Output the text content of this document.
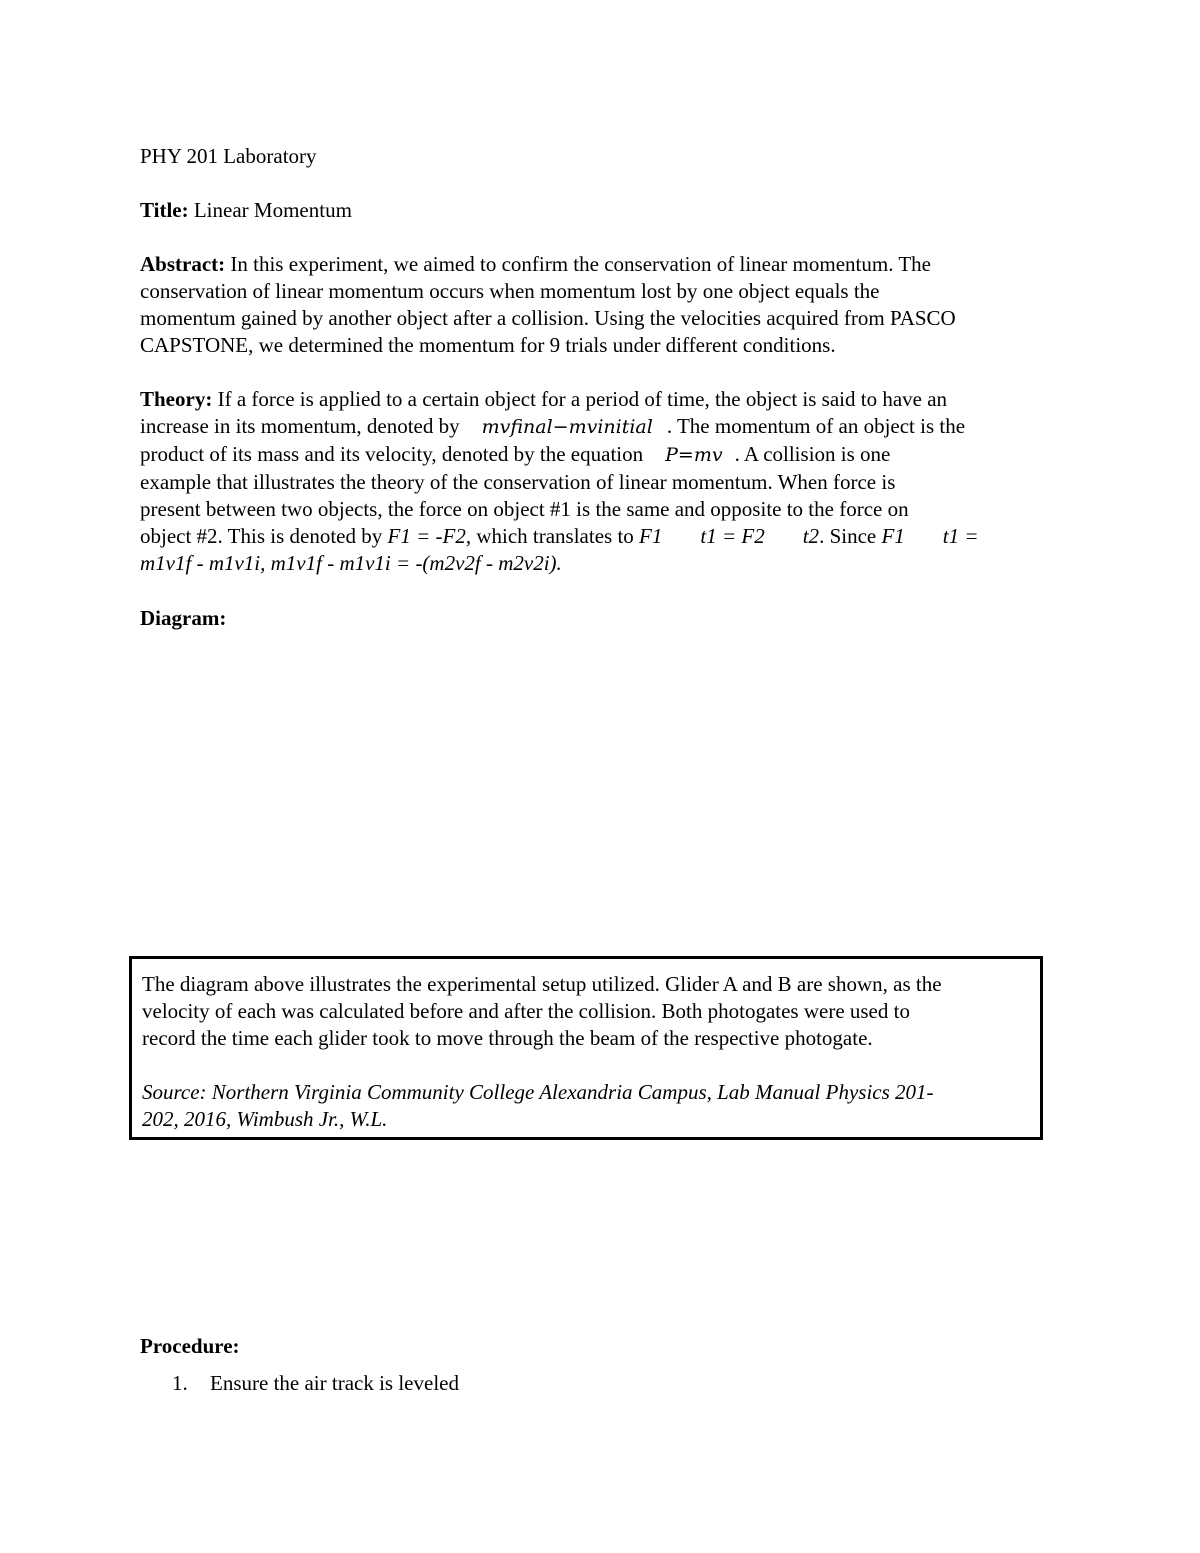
PHY 201 Laboratory

Title: Linear Momentum

Abstract: In this experiment, we aimed to confirm the conservation of linear momentum. The

conservation of linear momentum occurs when momentum lost by one object equals the

momentum gained by another object after a collision. Using the velocities acquired from PASCO

CAPSTONE, we determined the momentum for 9 trials under different conditions.

Theory: If a force is applied to a certain object for a period of time, the object is said to have an

increase in its momentum, denoted by mvfinal−mvinitial . The momentum of an object is the

product of its mass and its velocity, denoted by the equation P=mv . A collision is one

example that illustrates the theory of the conservation of linear momentum. When force is

present between two objects, the force on object #1 is the same and opposite to the force on

object #2. This is denoted by F1 = -F2, which translates to F1 t1 = F2 t2. Since F1 t1 =

m1v1f - m1v1i, m1v1f - m1v1i = -(m2v2f - m2v2i).

Diagram:

The diagram above illustrates the experimental setup utilized. Glider A and B are shown, as the
velocity of each was calculated before and after the collision. Both photogates were used to
record the time each glider took to move through the beam of the respective photogate.

Source: Northern Virginia Community College Alexandria Campus, Lab Manual Physics 201-
202, 2016, Wimbush Jr., W.L.

Procedure:

1.	Ensure the air track is leveled
